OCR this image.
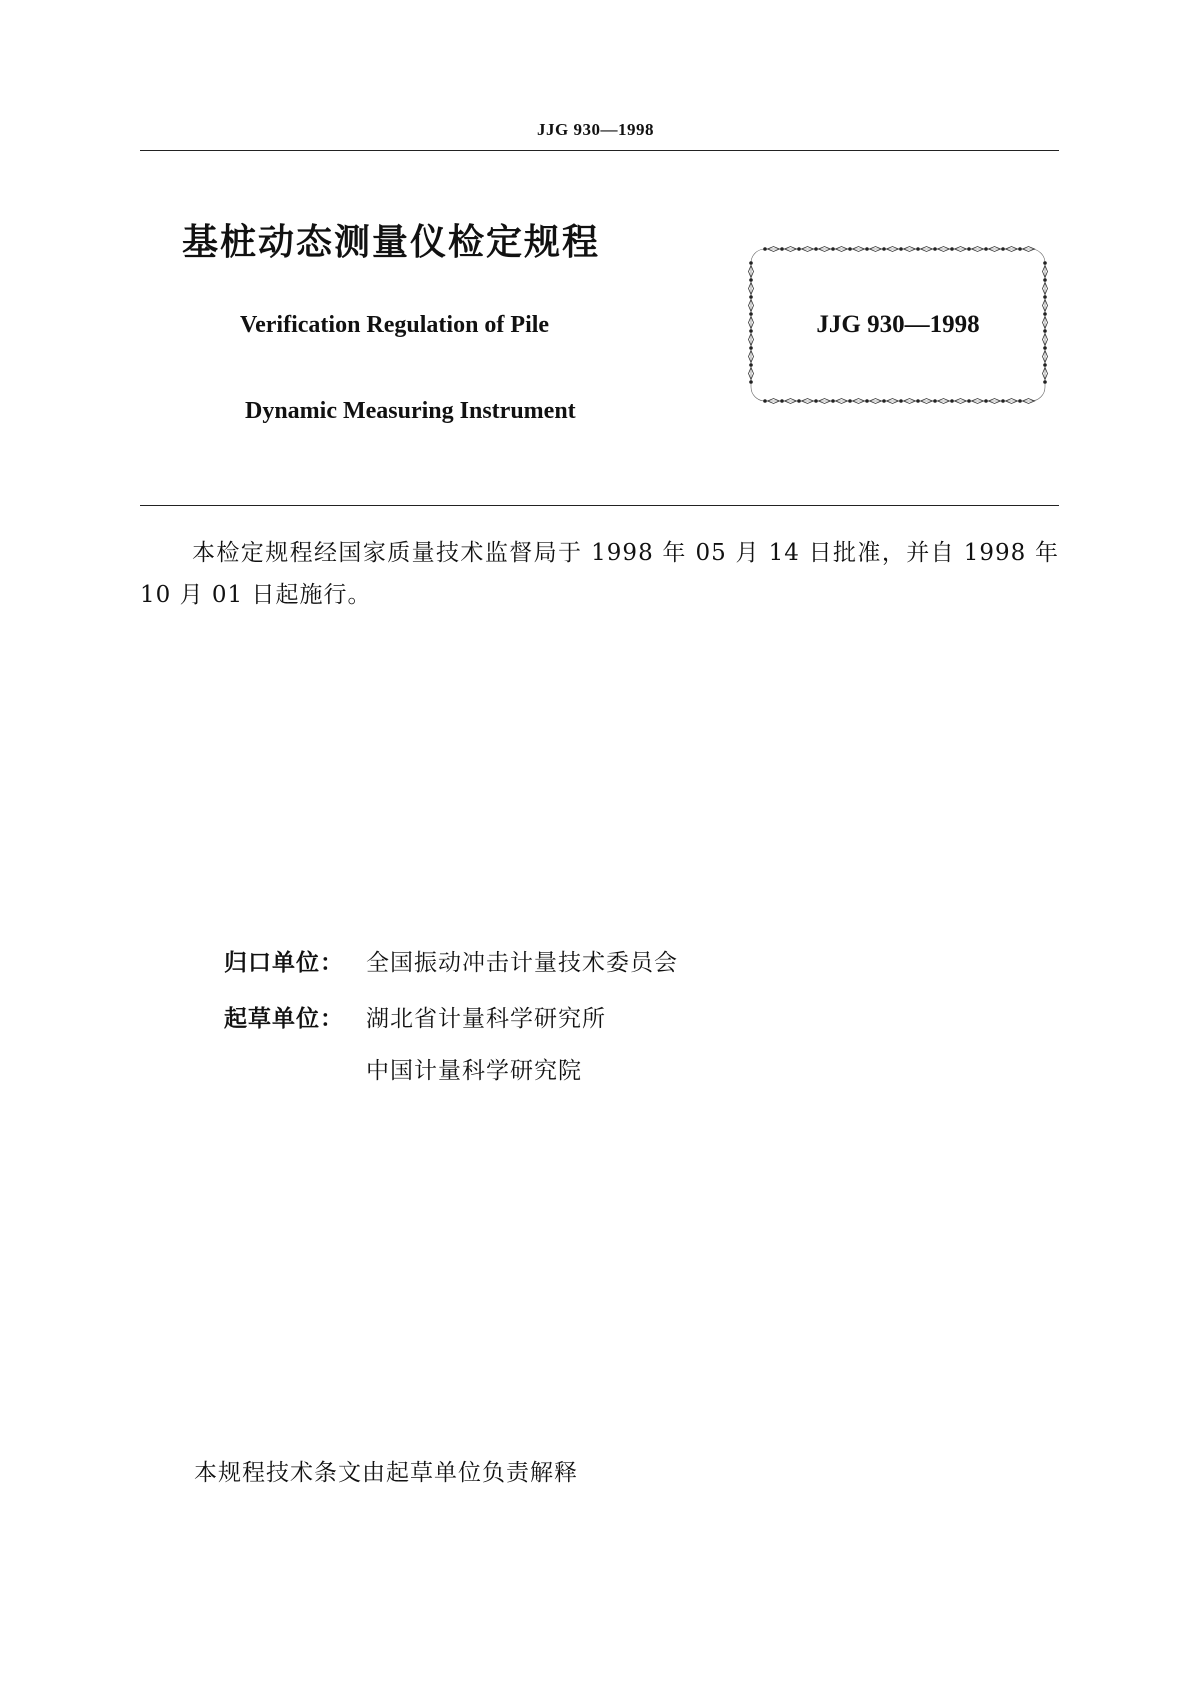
JJG 930—1998
基桩动态测量仪检定规程
Verification Regulation of Pile
Dynamic Measuring Instrument
JJG 930—1998
本检定规程经国家质量技术监督局于 1998 年 05 月 14 日批准，并自 1998 年 10 月 01 日起施行。
归口单位： 全国振动冲击计量技术委员会
起草单位： 湖北省计量科学研究所
中国计量科学研究院
本规程技术条文由起草单位负责解释
